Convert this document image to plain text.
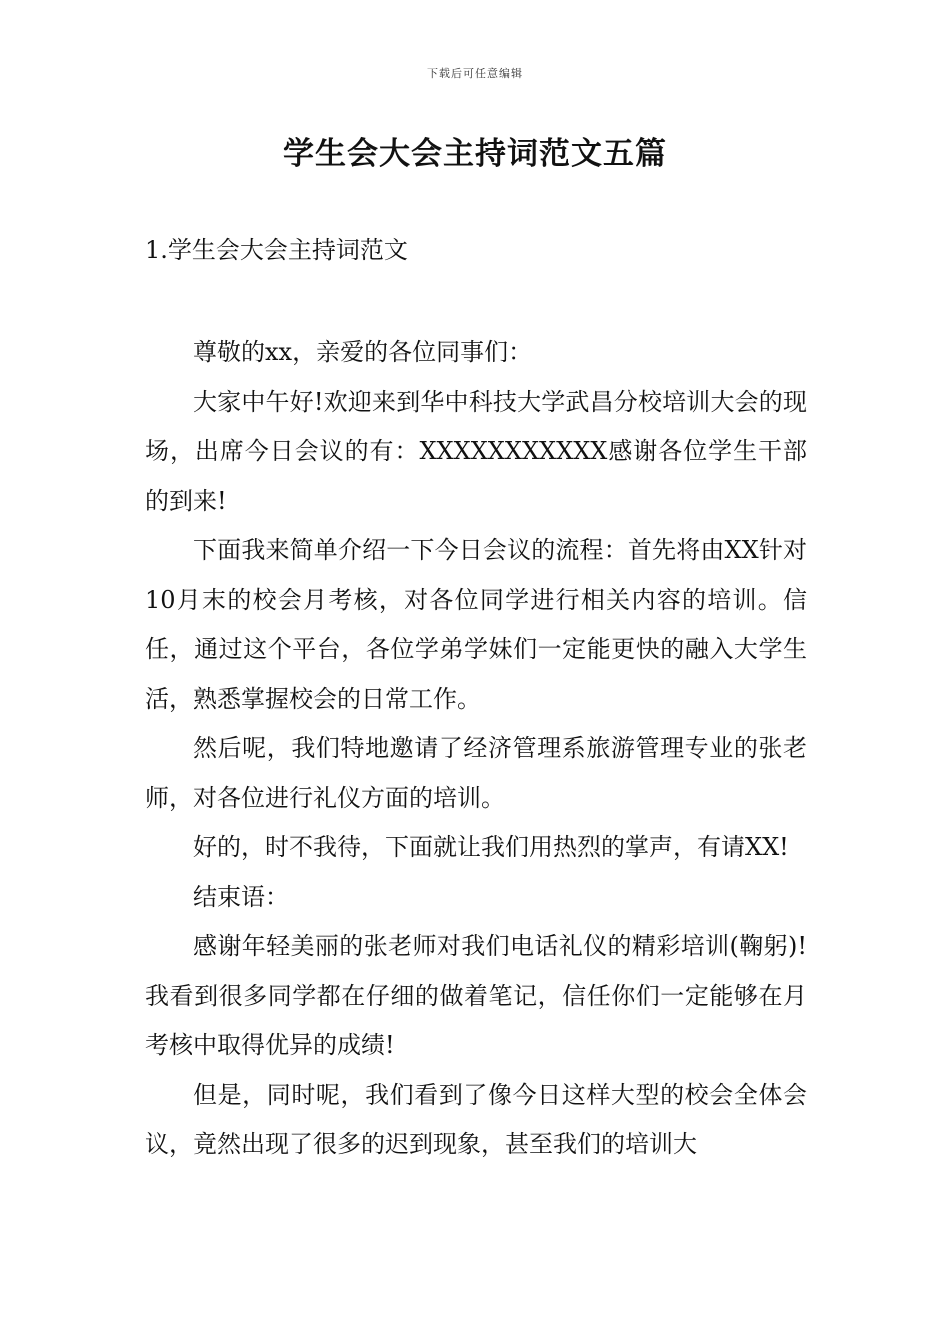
下载后可任意编辑
学生会大会主持词范文五篇
1.学生会大会主持词范文

尊敬的xx，亲爱的各位同事们：

大家中午好!欢迎来到华中科技大学武昌分校培训大会的现场，出席今日会议的有：XXXXXXXXXXX感谢各位学生干部的到来!

下面我来简单介绍一下今日会议的流程：首先将由XX针对10月末的校会月考核，对各位同学进行相关内容的培训。信任，通过这个平台，各位学弟学妹们一定能更快的融入大学生活，熟悉掌握校会的日常工作。

然后呢，我们特地邀请了经济管理系旅游管理专业的张老师，对各位进行礼仪方面的培训。

好的，时不我待，下面就让我们用热烈的掌声，有请XX!

结束语：

感谢年轻美丽的张老师对我们电话礼仪的精彩培训(鞠躬)!我看到很多同学都在仔细的做着笔记，信任你们一定能够在月考核中取得优异的成绩!

但是，同时呢，我们看到了像今日这样大型的校会全体会议，竟然出现了很多的迟到现象，甚至我们的培训大
